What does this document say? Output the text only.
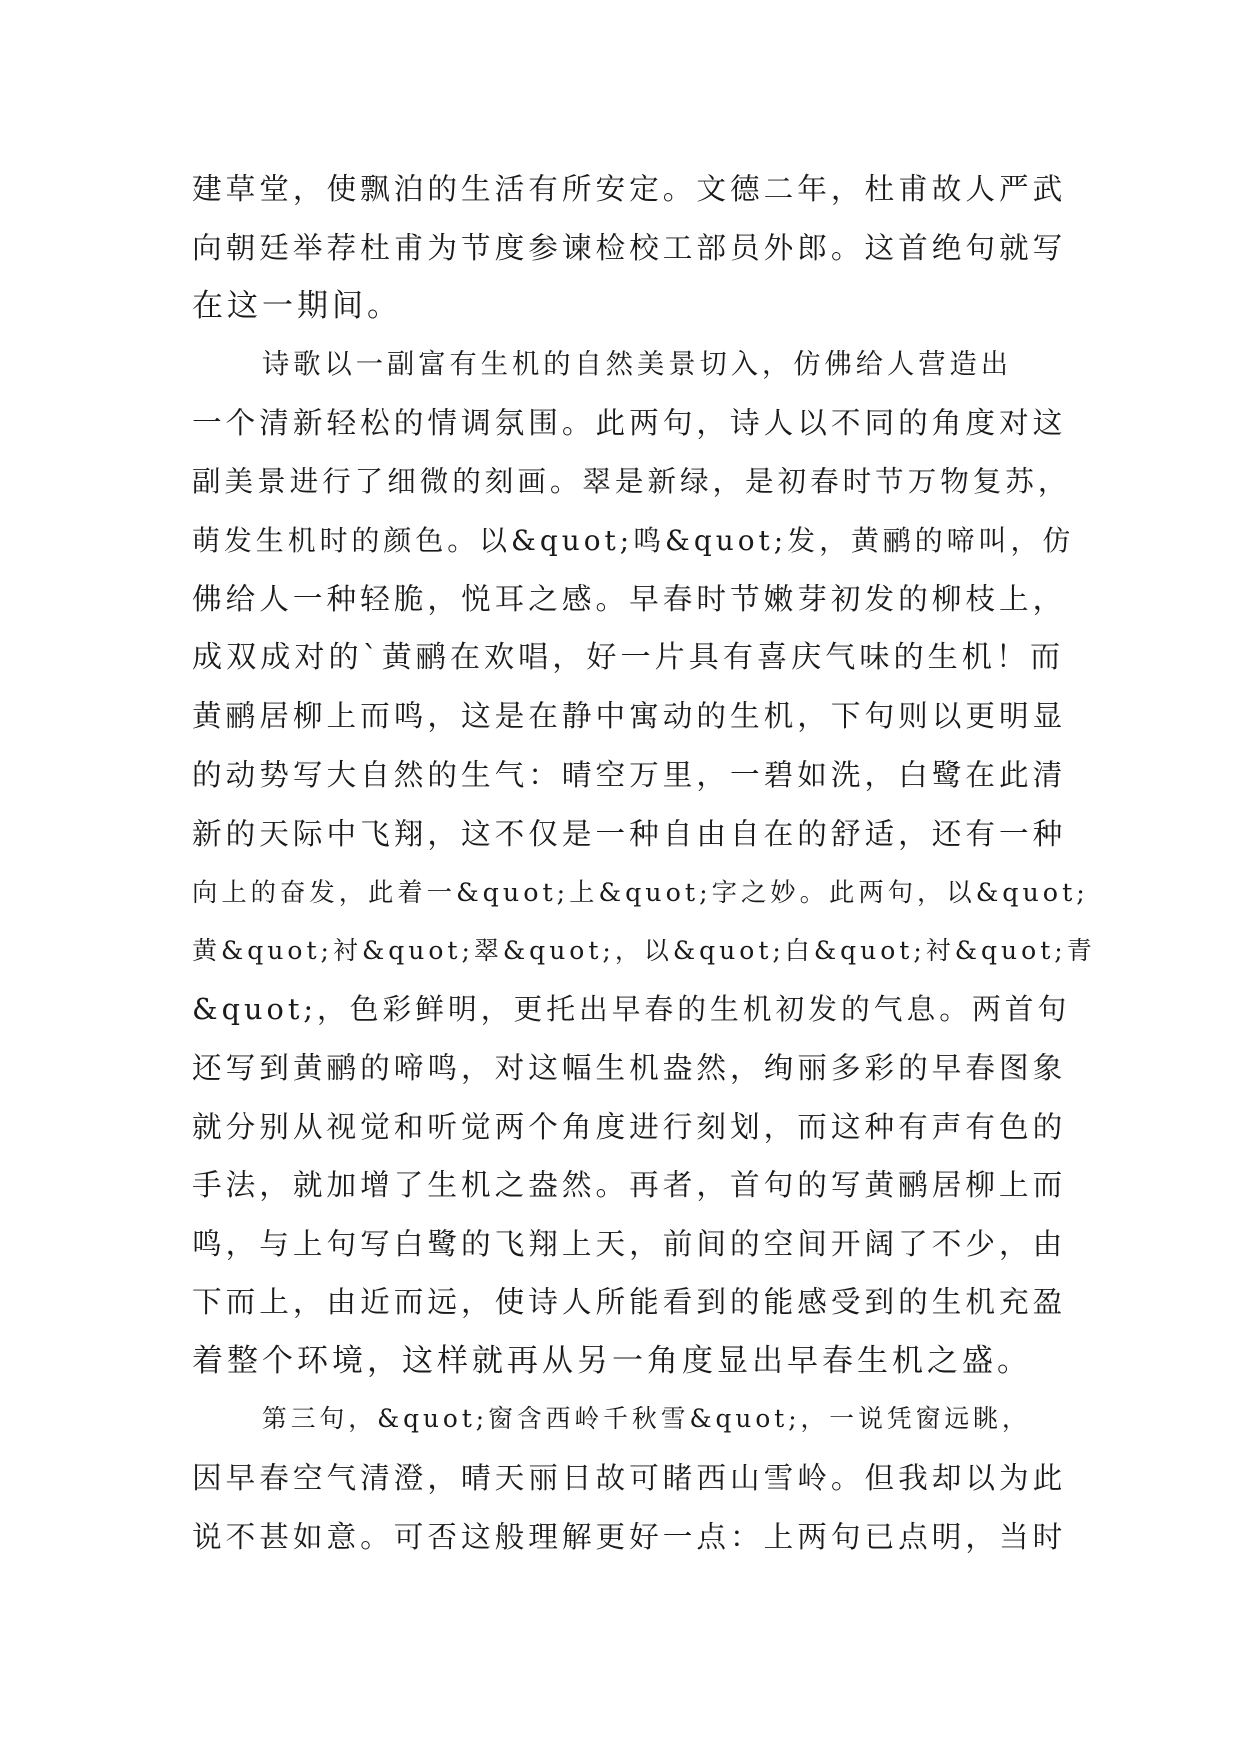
建草堂，使飘泊的生活有所安定。文德二年，杜甫故人严武
向朝廷举荐杜甫为节度参谏检校工部员外郎。这首绝句就写
在这一期间。
诗歌以一副富有生机的自然美景切入，仿佛给人营造出
一个清新轻松的情调氛围。此两句，诗人以不同的角度对这
副美景进行了细微的刻画。翠是新绿，是初春时节万物复苏，
萌发生机时的颜色。以&quot;鸣&quot;发，黄鹂的啼叫，仿
佛给人一种轻脆，悦耳之感。早春时节嫩芽初发的柳枝上，
成双成对的`黄鹂在欢唱，好一片具有喜庆气味的生机！而
黄鹂居柳上而鸣，这是在静中寓动的生机，下句则以更明显
的动势写大自然的生气：晴空万里，一碧如洗，白鹭在此清
新的天际中飞翔，这不仅是一种自由自在的舒适，还有一种
向上的奋发，此着一&quot;上&quot;字之妙。此两句，以&quot;
黄&quot;衬&quot;翠&quot;，以&quot;白&quot;衬&quot;青
&quot;，色彩鲜明，更托出早春的生机初发的气息。两首句
还写到黄鹂的啼鸣，对这幅生机盎然，绚丽多彩的早春图象
就分别从视觉和听觉两个角度进行刻划，而这种有声有色的
手法，就加增了生机之盎然。再者，首句的写黄鹂居柳上而
鸣，与上句写白鹭的飞翔上天，前间的空间开阔了不少，由
下而上，由近而远，使诗人所能看到的能感受到的生机充盈
着整个环境，这样就再从另一角度显出早春生机之盛。
第三句，&quot;窗含西岭千秋雪&quot;，一说凭窗远眺，
因早春空气清澄，晴天丽日故可睹西山雪岭。但我却以为此
说不甚如意。可否这般理解更好一点：上两句已点明，当时
